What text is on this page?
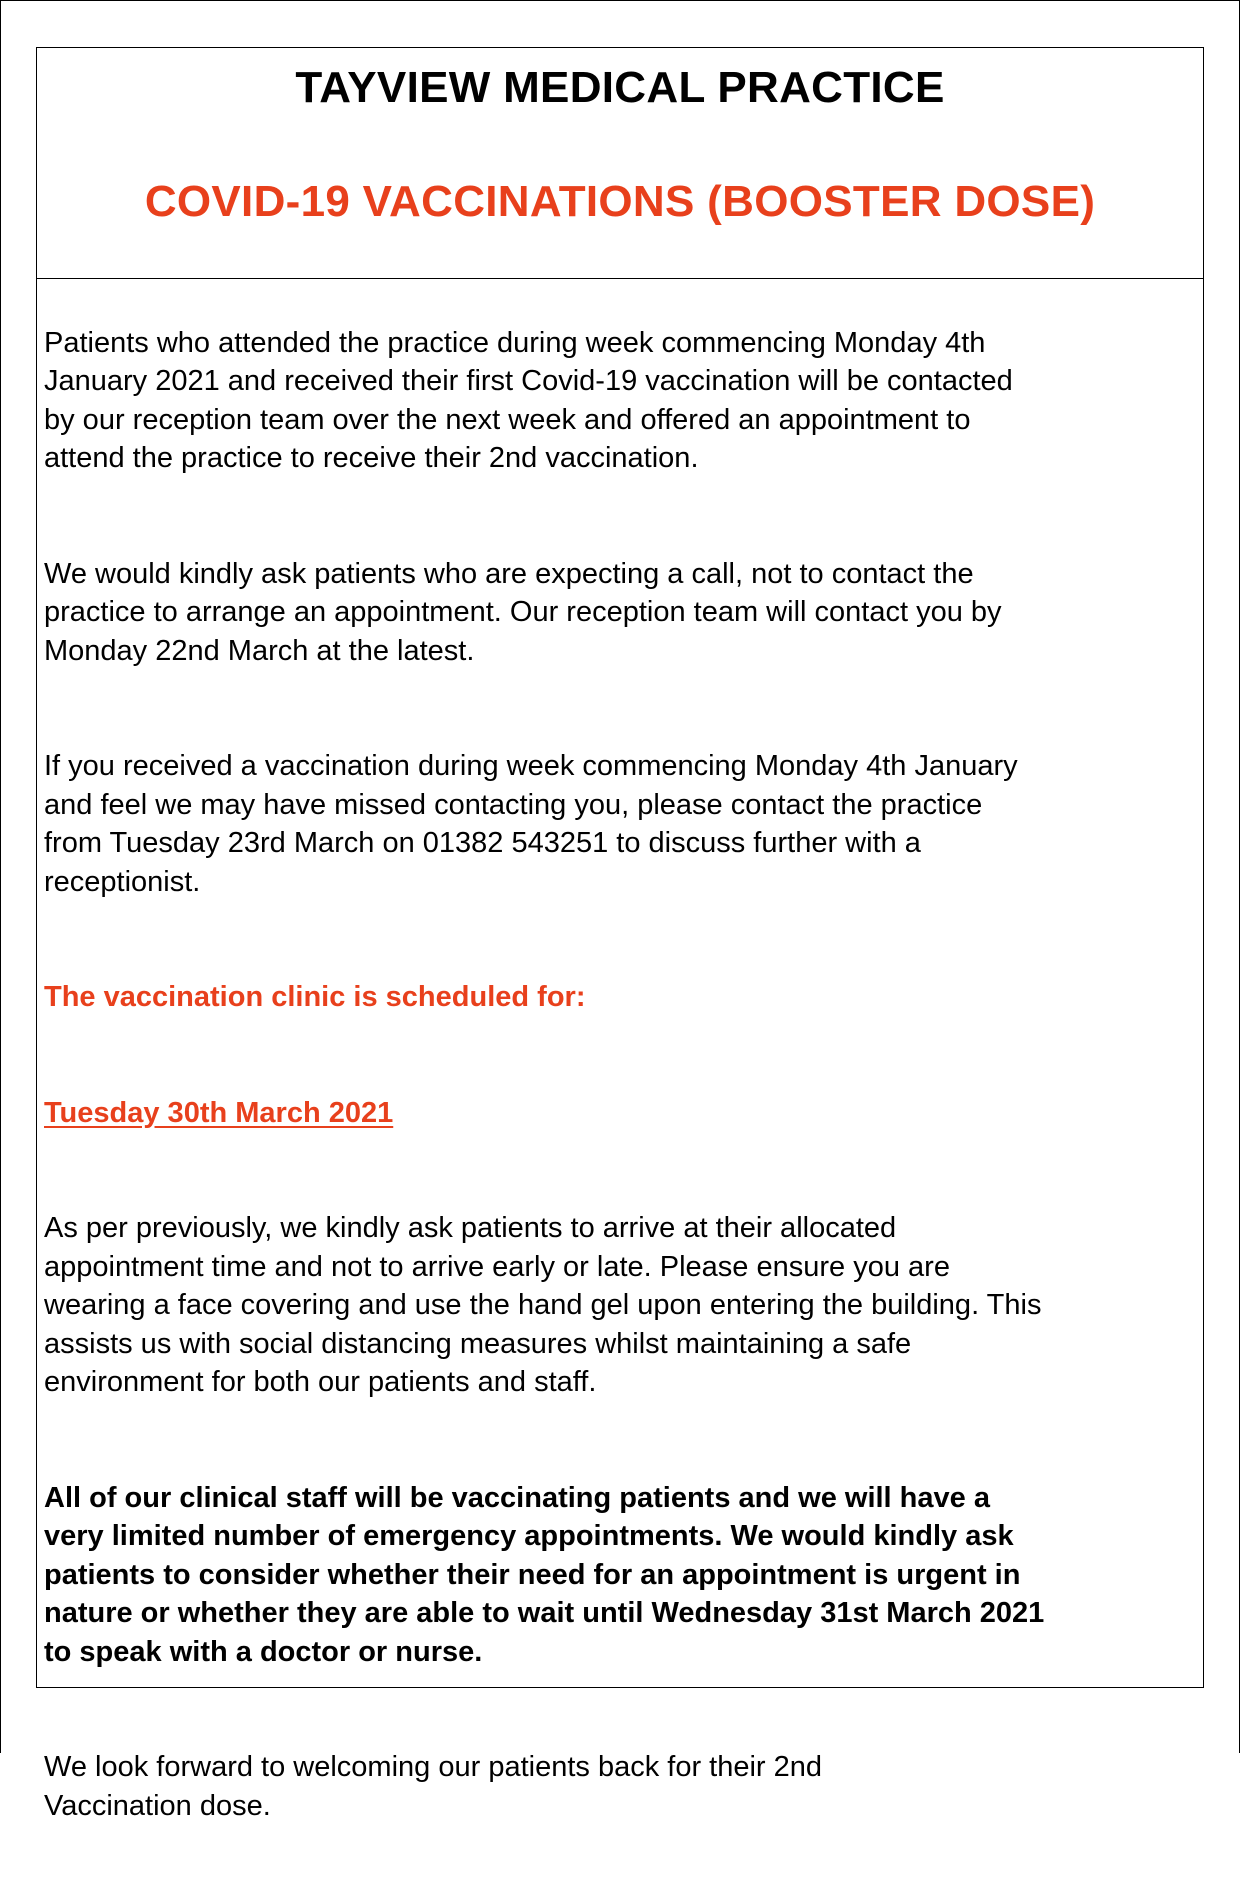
TAYVIEW MEDICAL PRACTICE
COVID-19 VACCINATIONS (BOOSTER DOSE)

Patients who attended the practice during week commencing Monday 4th
January 2021 and received their first Covid-19 vaccination will be contacted
by our reception team over the next week and offered an appointment to
attend the practice to receive their 2nd vaccination.

We would kindly ask patients who are expecting a call, not to contact the
practice to arrange an appointment. Our reception team will contact you by
Monday 22nd March at the latest.

If you received a vaccination during week commencing Monday 4th January
and feel we may have missed contacting you, please contact the practice
from Tuesday 23rd March on 01382 543251 to discuss further with a
receptionist.

The vaccination clinic is scheduled for:

Tuesday 30th March 2021

As per previously, we kindly ask patients to arrive at their allocated
appointment time and not to arrive early or late. Please ensure you are
wearing a face covering and use the hand gel upon entering the building. This
assists us with social distancing measures whilst maintaining a safe
environment for both our patients and staff.

All of our clinical staff will be vaccinating patients and we will have a
very limited number of emergency appointments. We would kindly ask
patients to consider whether their need for an appointment is urgent in
nature or whether they are able to wait until Wednesday 31st March 2021
to speak with a doctor or nurse.

We look forward to welcoming our patients back for their 2nd
Vaccination dose.
